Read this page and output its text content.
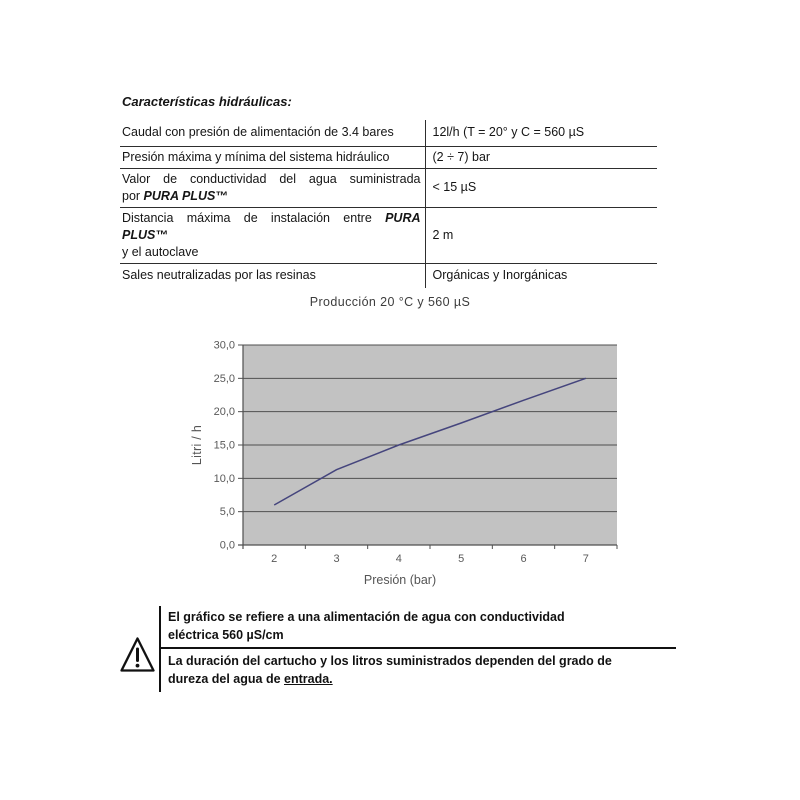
Características hidráulicas:
Caudal con presión de alimentación de 3.4 bares	12l/h (T = 20° y C = 560 µS
Presión máxima y mínima del sistema hidráulico	(2 ÷ 7) bar

Valor de conductividad del agua suministrada
por PURA PLUS™	< 15 µS

Distancia máxima de instalación entre PURA
PLUS™
y el autoclave	2 m
Sales neutralizadas por las resinas	Orgánicas y Inorgánicas
Producción 20 °C y 560 µS
0,0
5,0
10,0
15,0
20,0
25,0
30,0
2	3	4	5	6	7
Litri / h
Presión (bar)
El gráfico se refiere a una alimentación de agua con conductividad
eléctrica 560 µS/cm
La duración del cartucho y los litros suministrados dependen del grado de
dureza del agua de entrada.
